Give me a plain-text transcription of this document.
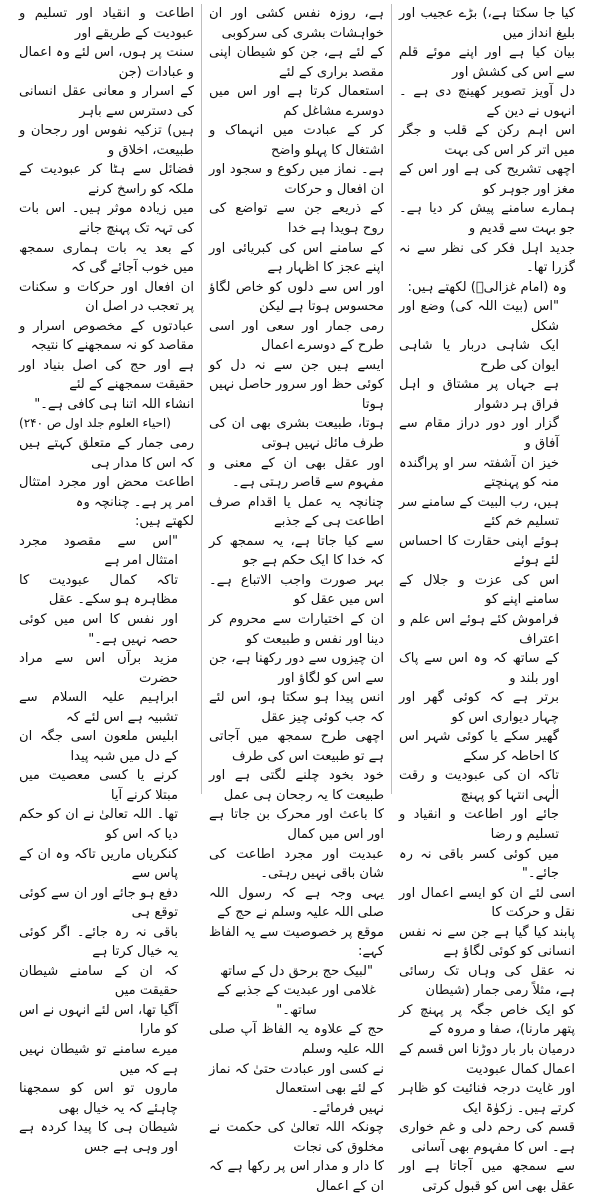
کیا جا سکتا ہے،) بڑے عجیب اور بلیغ انداز میں

بیان کیا ہے اور اپنے موئے قلم سے اس کی کشش اور

دل آویز تصویر کھینچ دی ہے ۔ انہوں نے دین کے

اس اہم رکن کے قلب و جگر میں اتر کر اس کی بہت

اچھی تشریح کی ہے اور اس کے مغز اور جوہر کو

ہمارے سامنے پیش کر دیا ہے۔ جو بہت سے قدیم و

جدید اہل فکر کی نظر سے نہ گزرا تھا۔

وہ (امام غزالیؒ) لکھتے ہیں:

"اس (بیت اللہ کی) وضع اور شکل

ایک شاہی دربار یا شاہی ایوان کی طرح

ہے جہاں پر مشتاق و اہل فراق ہر دشوار

گزار اور دور دراز مقام سے آفاق و

خیز ان آشفتہ سر او پراگندہ منہ کو پہنچتے

ہیں، رب البیت کے سامنے سر تسلیم خم کئے

ہوئے اپنی حقارت کا احساس لئے ہوئے

اس کی عزت و جلال کے سامنے اپنے کو

فراموش کئے ہوئے اس علم و اعتراف

کے ساتھ کہ وہ اس سے پاک اور بلند و

برتر ہے کہ کوئی گھر اور چہار دیواری اس کو

گھیر سکے یا کوئی شہر اس کا احاطہ کر سکے

تاکہ ان کی عبودیت و رقت الٰہی انتہا کو پہنچ

جائے اور اطاعت و انقیاد و تسلیم و رضا

میں کوئی کسر باقی نہ رہ جائے۔"

اسی لئے ان کو ایسے اعمال اور نقل و حرکت کا

پابند کیا گیا ہے جن سے نہ نفس انسانی کو کوئی لگاؤ ہے

نہ عقل کی وہاں تک رسائی ہے، مثلاً رمی جمار (شیطان

کو ایک خاص جگہ پر پہنچ کر پتھر مارنا)، صفا و مروہ کے

درمیان بار بار دوڑنا اس قسم کے اعمال کمال عبودیت

اور غایت درجہ فنائیت کو ظاہر کرتے ہیں۔ زکوٰۃ ایک

قسم کی رحم دلی و غم خواری ہے۔ اس کا مفہوم بھی آسانی

سے سمجھ میں آجاتا ہے اور عقل بھی اس کو قبول کرتی

ہے، روزہ نفس کشی اور ان خواہشات بشری کی سرکوبی

کے لئے ہے، جن کو شیطان اپنی مقصد براری کے لئے

استعمال کرتا ہے اور اس میں دوسرے مشاغل کم

کر کے عبادت میں انہماک و اشتغال کا پہلو واضح

ہے۔ نماز میں رکوع و سجود اور ان افعال و حرکات

کے ذریعے جن سے تواضع کی روح ہویدا ہے خدا

کے سامنے اس کی کبریائی اور اپنے عجز کا اظہار ہے

اور اس سے دلوں کو خاص لگاؤ محسوس ہوتا ہے لیکن

رمی جمار اور سعی اور اسی طرح کے دوسرے اعمال

ایسے ہیں جن سے نہ دل کو کوئی حظ اور سرور حاصل نہیں ہوتا

ہوتا، طبیعت بشری بھی ان کی طرف مائل نہیں ہوتی

اور عقل بھی ان کے معنی و مفہوم سے قاصر رہتی ہے۔

چنانچہ یہ عمل یا اقدام صرف اطاعت ہی کے جذبے

سے کیا جاتا ہے، یہ سمجھ کر کہ خدا کا ایک حکم ہے جو

بہر صورت واجب الاتباع ہے۔ اس میں عقل کو

ان کے اختیارات سے محروم کر دینا اور نفس و طبیعت کو

ان چیزوں سے دور رکھنا ہے، جن سے اس کو لگاؤ اور

انس پیدا ہو سکتا ہو، اس لئے کہ جب کوئی چیز عقل

اچھی طرح سمجھ میں آجاتی ہے تو طبیعت اس کی طرف

خود بخود چلنے لگتی ہے اور طبیعت کا یہ رجحان ہی عمل

کا باعث اور محرک بن جاتا ہے اور اس میں کمال

عبدیت اور مجرد اطاعت کی شان باقی نہیں رہتی۔

یہی وجہ ہے کہ رسول اللہ صلی اللہ علیہ وسلم نے حج کے

موقع پر خصوصیت سے یہ الفاظ کہے:

"لبیک حج برحق دل کے ساتھ

غلامی اور عبدیت کے جذبے کے ساتھ۔"

حج کے علاوہ یہ الفاظ آپ صلی اللہ علیہ وسلم

نے کسی اور عبادت حتیٰ کہ نماز کے لئے بھی استعمال

نہیں فرمائے۔

چونکہ اللہ تعالیٰ کی حکمت نے مخلوق کی نجات

کا دار و مدار اس پر رکھا ہے کہ ان کے اعمال

اطاعت و انقیاد اور تسلیم و عبودیت کے طریقے اور

سنت پر ہوں، اس لئے وہ اعمال و عبادات (جن

کے اسرار و معانی عقل انسانی کی دسترس سے باہر

ہیں) تزکیہ نفوس اور رجحان و طبیعت، اخلاق و

فضائل سے ہٹا کر عبودیت کے ملکہ کو راسخ کرنے

میں زیادہ موثر ہیں۔ اس بات کی تہہ تک پہنچ جانے

کے بعد یہ بات ہماری سمجھ میں خوب آجائے گی کہ

ان افعال اور حرکات و سکنات پر تعجب در اصل ان

عبادتوں کے مخصوص اسرار و مقاصد کو نہ سمجھنے کا نتیجہ

ہے اور حج کی اصل بنیاد اور حقیقت سمجھنے کے لئے

انشاء اللہ اتنا ہی کافی ہے۔"

(احیاء العلوم جلد اول ص ۲۴۰)

رمی جمار کے متعلق کہتے ہیں کہ اس کا مدار ہی

اطاعت محض اور مجرد امتثال امر پر ہے۔ چنانچہ وہ

لکھتے ہیں:

"اس سے مقصود مجرد امتثال امر ہے

تاکہ کمال عبودیت کا مظاہرہ ہو سکے۔ عقل

اور نفس کا اس میں کوئی حصہ نہیں ہے۔"

مزید برآں اس سے مراد حضرت

ابراہیم علیہ السلام سے تشبیہ ہے اس لئے کہ

ابلیس ملعون اسی جگہ ان کے دل میں شبہ پیدا

کرنے یا کسی معصیت میں مبتلا کرنے آیا

تھا۔ اللہ تعالیٰ نے ان کو حکم دیا کہ اس کو

کنکریاں ماریں تاکہ وہ ان کے پاس سے

دفع ہو جائے اور ان سے کوئی توقع ہی

باقی نہ رہ جائے۔ اگر کوئی یہ خیال کرتا ہے

کہ ان کے سامنے شیطان حقیقت میں

آگیا تھا، اس لئے انہوں نے اس کو مارا

میرے سامنے تو شیطان نہیں ہے کہ میں

ماروں تو اس کو سمجھنا چاہئے کہ یہ خیال بھی

شیطان ہی کا پیدا کردہ ہے اور وہی ہے جس
